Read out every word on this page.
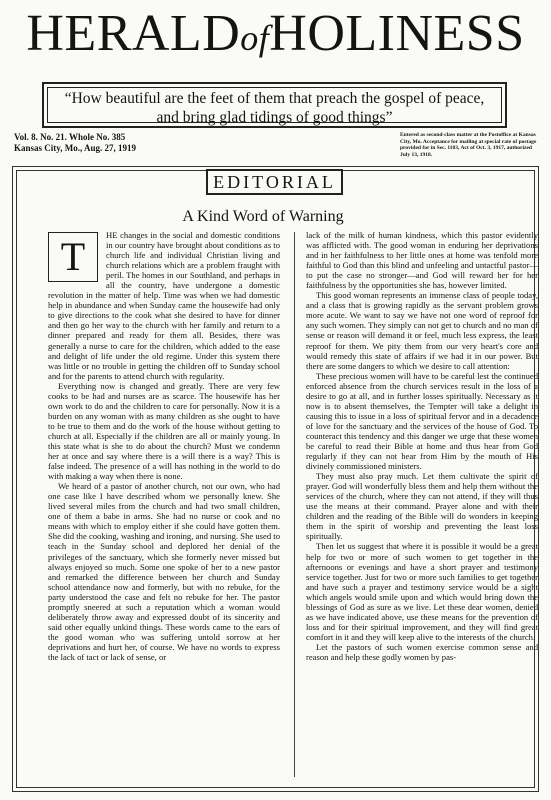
HERALDofHOLINESS
“How beautiful are the feet of them that preach the gospel of peace, and bring glad tidings of good things”
Vol. 8. No. 21. Whole No. 385
Kansas City, Mo., Aug. 27, 1919
Entered as second-class matter at the Postoffice at Kansas City, Mo. Acceptance for mailing at special rate of postage provided for in Sec. 1103, Act of Oct. 3, 1917, authorized July 13, 1918.
EDITORIAL
A Kind Word of Warning

T	HE changes in the social and domestic conditions in our country have brought about conditions as to church life and individual Christian living and church relations which are a problem fraught with peril. The homes in our Southland, and perhaps in all the country, have undergone a domestic revolution in the matter of help. Time was when we had domestic help in abundance and when Sunday came the housewife had only to give directions to the cook what she desired to have for dinner and then go her way to the church with her family and return to a dinner prepared and ready for them all. Besides, there was generally a nurse to care for the children, which added to the ease and delight of life under the old regime. Under this system there was little or no trouble in getting the children off to Sunday school and for the parents to attend church with regularity.

Everything now is changed and greatly. There are very few cooks to be had and nurses are as scarce. The housewife has her own work to do and the children to care for personally. Now it is a burden on any woman with as many children as she ought to have to be true to them and do the work of the house without getting to church at all. Especially if the children are all or mainly young. In this state what is she to do about the church? Must we condemn her at once and say where there is a will there is a way? This is false indeed. The presence of a will has nothing in the world to do with making a way when there is none.

We heard of a pastor of another church, not our own, who had one case like I have described whom we personally knew. She lived several miles from the church and had two small children, one of them a babe in arms. She had no nurse or cook and no means with which to employ either if she could have gotten them. She did the cooking, washing and ironing, and nursing. She used to teach in the Sunday school and deplored her denial of the privileges of the sanctuary, which she formerly never missed but always enjoyed so much. Some one spoke of her to a new pastor and remarked the difference between her church and Sunday school attendance now and formerly, but with no rebuke, for the party understood the case and felt no rebuke for her. The pastor promptly sneered at such a reputation which a woman would deliberately throw away and expressed doubt of its sincerity and said other equally unkind things. These words came to the ears of the good woman who was suffering untold sorrow at her deprivations and hurt her, of course. We have no words to express the lack of tact or lack of sense, or

lack of the milk of human kindness, which this pastor evidently was afflicted with. The good woman in enduring her deprivations and in her faithfulness to her little ones at home was tenfold more faithful to God than this blind and unfeeling and untactful pastor—to put the case no stronger—and God will reward her for her faithfulness by the opportunities she has, however limited.

This good woman represents an immense class of people today, and a class that is growing rapidly as the servant problem grows more acute. We want to say we have not one word of reproof for any such women. They simply can not get to church and no man of sense or reason will demand it or feel, much less express, the least reproof for them. We pity them from our very heart's core and would remedy this state of affairs if we had it in our power. But there are some dangers to which we desire to call attention:

These precious women will have to be careful lest the continued enforced absence from the church services result in the loss of a desire to go at all, and in further losses spiritually. Necessary as it now is to absent themselves, the Tempter will take a delight in causing this to issue in a loss of spiritual fervor and in a decadence of love for the sanctuary and the services of the house of God. To counteract this tendency and this danger we urge that these women be careful to read their Bible at home and thus hear from God regularly if they can not hear from Him by the mouth of His divinely commissioned ministers.

They must also pray much. Let them cultivate the spirit of prayer. God will wonderfully bless them and help them without the services of the church, where they can not attend, if they will thus use the means at their command. Prayer alone and with their children and the reading of the Bible will do wonders in keeping them in the spirit of worship and preventing the least loss spiritually.

Then let us suggest that where it is possible it would be a great help for two or more of such women to get together in the afternoons or evenings and have a short prayer and testimony service together. Just for two or more such families to get together and have such a prayer and testimony service would be a sight which angels would smile upon and which would bring down the blessings of God as sure as we live. Let these dear women, denied as we have indicated above, use these means for the prevention of loss and for their spiritual improvement, and they will find great comfort in it and they will keep alive to the interests of the church.

Let the pastors of such women exercise common sense and reason and help these godly women by pas-
